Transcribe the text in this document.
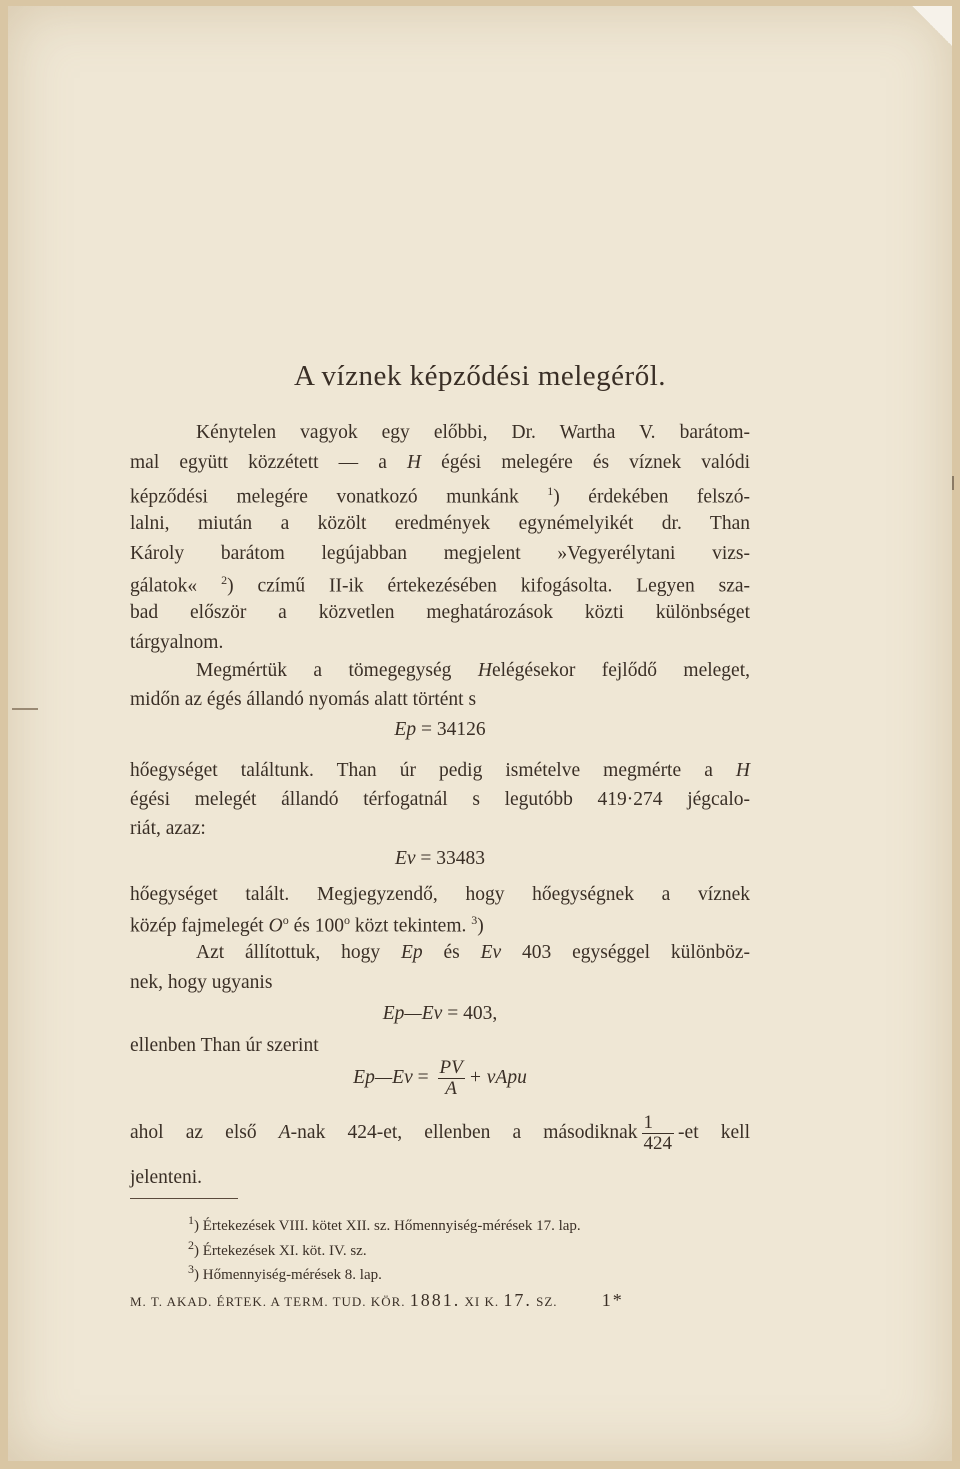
A víznek képződési melegéről.
Kénytelen vagyok egy előbbi, Dr. Wartha V. barátom-
mal együtt közzétett — a H égési melegére és víznek valódi
képződési melegére vonatkozó munkánk $^1$) érdekében felszó-
lalni, miután a közölt eredmények egynémelyikét dr. Than
Károly barátom legújabban megjelent »Vegyerélytani vizs-
gálatok« $^2$) czímű II-ik értekezésében kifogásolta. Legyen sza-
bad először a közvetlen meghatározások közti különbséget
tárgyalnom.
Megmértük a tömegegység Helégésekor fejlődő meleget,
midőn az égés állandó nyomás alatt történt s
Ep = 34126
hőegységet találtunk. Than úr pedig ismételve megmérte a H
égési melegét állandó térfogatnál s legutóbb 419·274 jégcalo-
riát, azaz:
Ev = 33483
hőegységet talált. Megjegyzendő, hogy hőegységnek a víznek
közép fajmelegét $O^o$ és 100$^o$ közt tekintem. $^3$)
Azt állítottuk, hogy Ep és Ev 403 egységgel különböz-
nek, hogy ugyanis
Ep—Ev = 403,
ellenben Than úr szerint
Ep—Ev = $\frac{PV}{A}$ + vApu
ahol az első A-nak 424-et, ellenben a másodiknak $\frac{1}{424} -et$ kell
jelenteni.
$^1$) Értekezések VIII. kötet XII. sz. Hőmennyiség-mérések 17. lap.
$^2$) Értekezések XI. köt. IV. sz.
$^3$) Hőmennyiség-mérések 8. lap.
M. T. AKAD. ÉRTEK. A TERM. TUD. KÖR. 1881. XI K. 17. SZ. 1*
